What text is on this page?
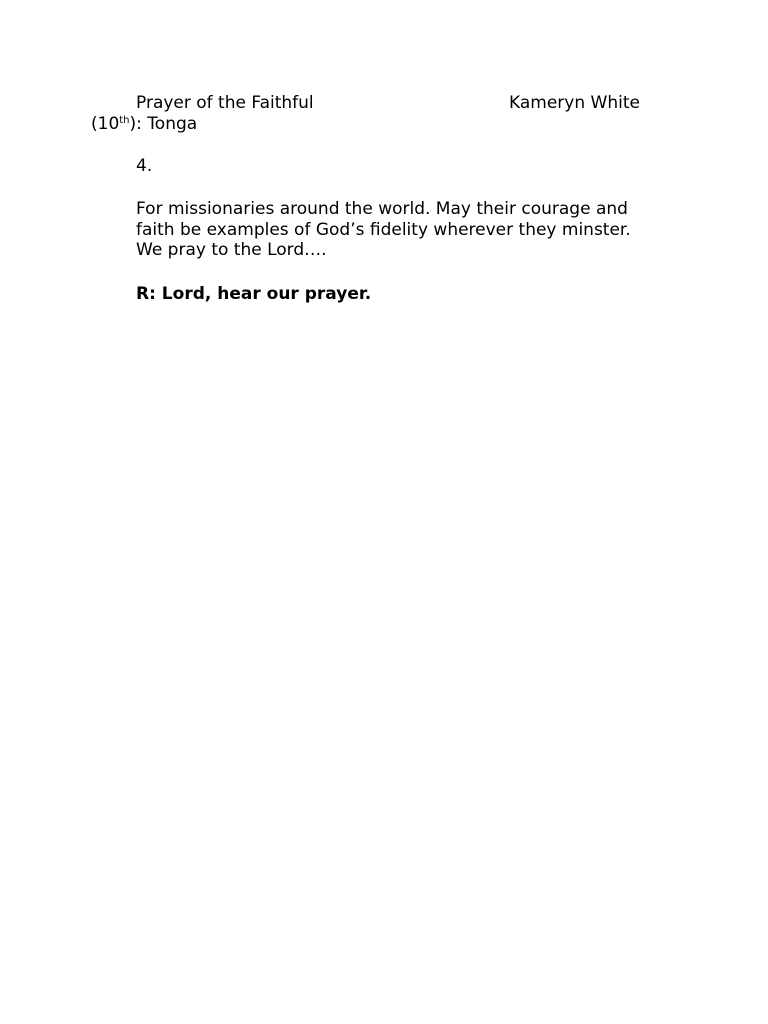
Prayer of the Faithful	Kameryn White
(10th): Tonga
4.
For missionaries around the world. May their courage and
faith be examples of God’s fidelity wherever they minster.
We pray to the Lord….
R: Lord, hear our prayer.
